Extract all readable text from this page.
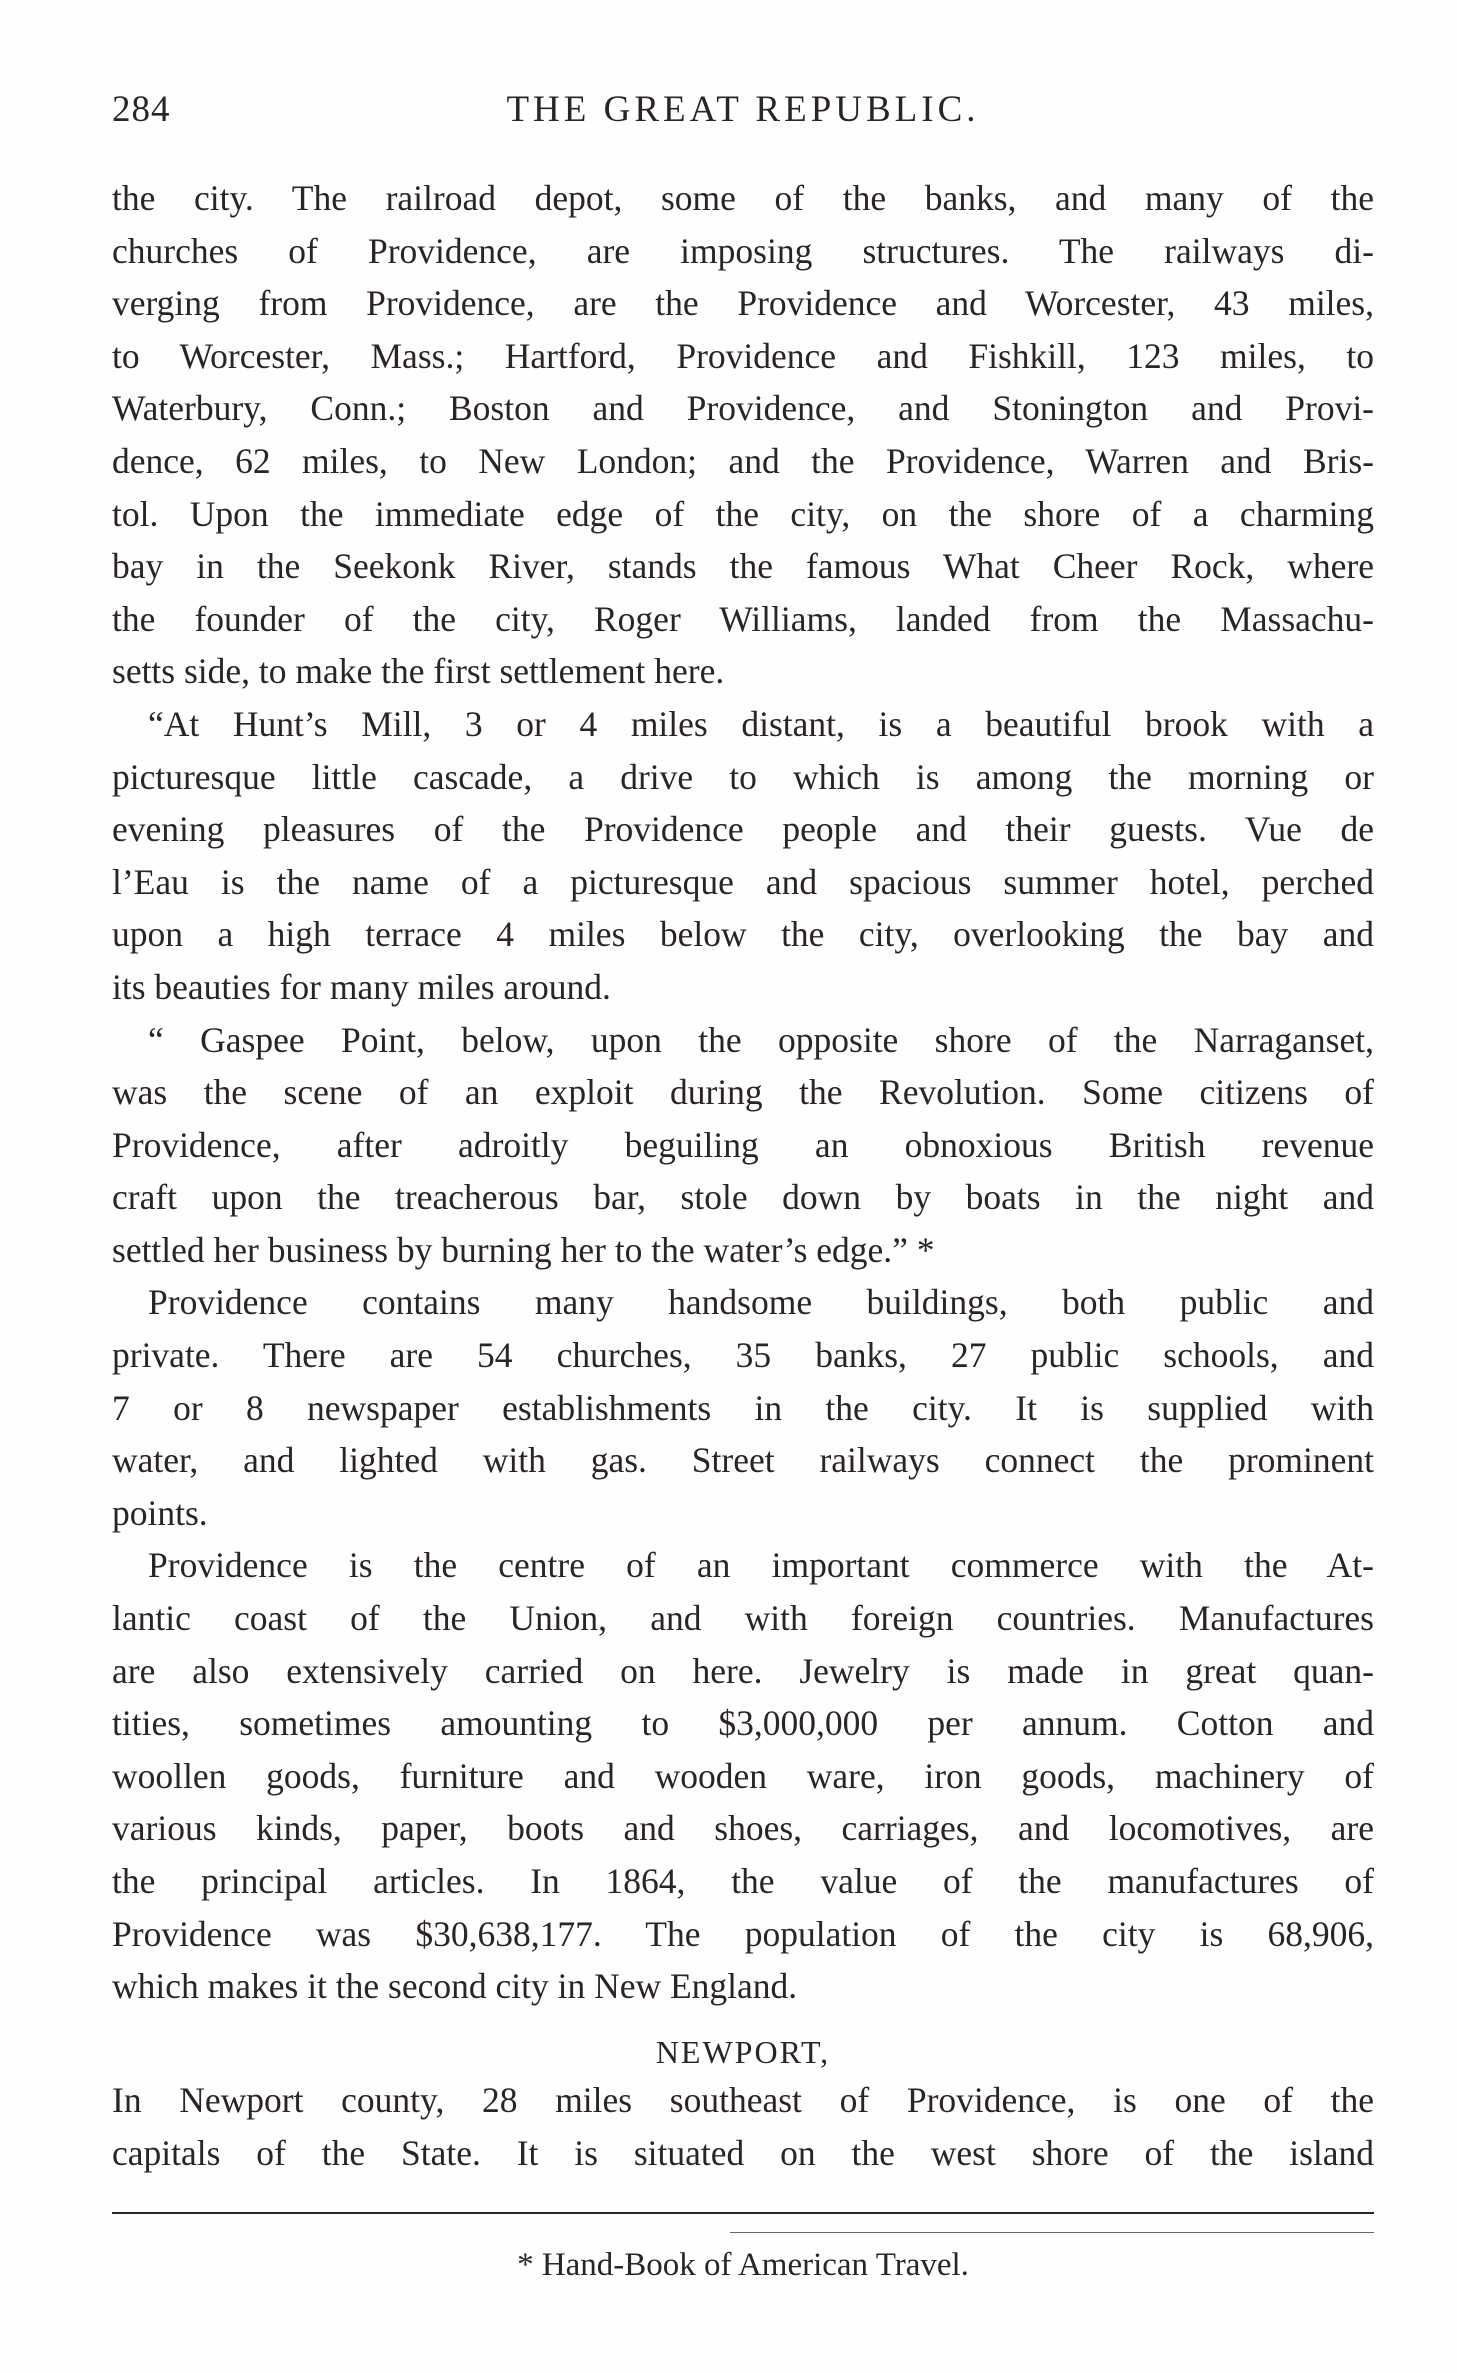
284	THE GREAT REPUBLIC.
the city. The railroad depot, some of the banks, and many of the
churches of Providence, are imposing structures. The railways di-
verging from Providence, are the Providence and Worcester, 43 miles,
to Worcester, Mass.; Hartford, Providence and Fishkill, 123 miles, to
Waterbury, Conn.; Boston and Providence, and Stonington and Provi-
dence, 62 miles, to New London; and the Providence, Warren and Bris-
tol. Upon the immediate edge of the city, on the shore of a charming
bay in the Seekonk River, stands the famous What Cheer Rock, where
the founder of the city, Roger Williams, landed from the Massachu-
setts side, to make the first settlement here.
“At Hunt’s Mill, 3 or 4 miles distant, is a beautiful brook with a
picturesque little cascade, a drive to which is among the morning or
evening pleasures of the Providence people and their guests. Vue de
l’Eau is the name of a picturesque and spacious summer hotel, perched
upon a high terrace 4 miles below the city, overlooking the bay and
its beauties for many miles around.
“ Gaspee Point, below, upon the opposite shore of the Narraganset,
was the scene of an exploit during the Revolution. Some citizens of
Providence, after adroitly beguiling an obnoxious British revenue
craft upon the treacherous bar, stole down by boats in the night and
settled her business by burning her to the water’s edge.” *
Providence contains many handsome buildings, both public and
private. There are 54 churches, 35 banks, 27 public schools, and
7 or 8 newspaper establishments in the city. It is supplied with
water, and lighted with gas. Street railways connect the prominent
points.
Providence is the centre of an important commerce with the At-
lantic coast of the Union, and with foreign countries. Manufactures
are also extensively carried on here. Jewelry is made in great quan-
tities, sometimes amounting to $3,000,000 per annum. Cotton and
woollen goods, furniture and wooden ware, iron goods, machinery of
various kinds, paper, boots and shoes, carriages, and locomotives, are
the principal articles. In 1864, the value of the manufactures of
Providence was $30,638,177. The population of the city is 68,906,
which makes it the second city in New England.
NEWPORT,
In Newport county, 28 miles southeast of Providence, is one of the
capitals of the State. It is situated on the west shore of the island
* Hand-Book of American Travel.
